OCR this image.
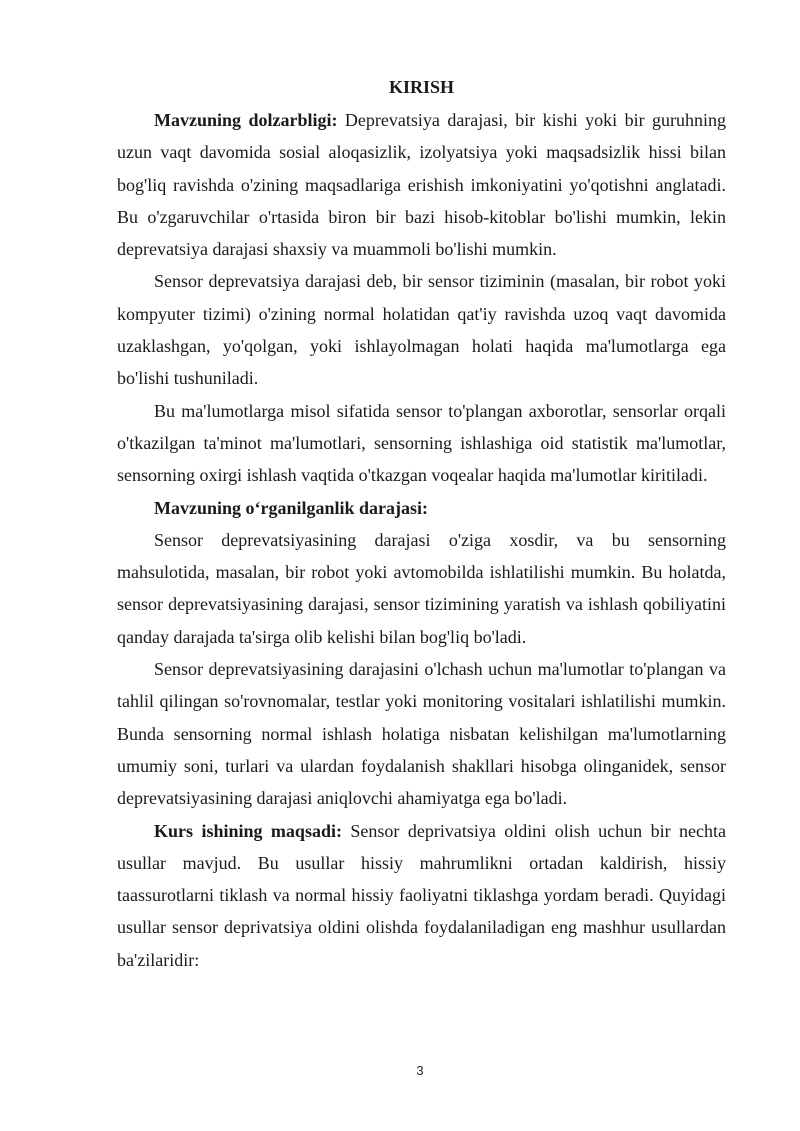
KIRISH

Mavzuning dolzarbligi: Deprevatsiya darajasi, bir kishi yoki bir guruhning uzun vaqt davomida sosial aloqasizlik, izolyatsiya yoki maqsadsizlik hissi bilan bog'liq ravishda o'zining maqsadlariga erishish imkoniyatini yo'qotishni anglatadi. Bu o'zgaruvchilar o'rtasida biron bir bazi hisob-kitoblar bo'lishi mumkin, lekin deprevatsiya darajasi shaxsiy va muammoli bo'lishi mumkin.

Sensor deprevatsiya darajasi deb, bir sensor tiziminin (masalan, bir robot yoki kompyuter tizimi) o'zining normal holatidan qat'iy ravishda uzoq vaqt davomida uzaklashgan, yo'qolgan, yoki ishlayolmagan holati haqida ma'lumotlarga ega bo'lishi tushuniladi.

Bu ma'lumotlarga misol sifatida sensor to'plangan axborotlar, sensorlar orqali o'tkazilgan ta'minot ma'lumotlari, sensorning ishlashiga oid statistik ma'lumotlar, sensorning oxirgi ishlash vaqtida o'tkazgan voqealar haqida ma'lumotlar kiritiladi.

Mavzuning o‘rganilganlik darajasi:

Sensor deprevatsiyasining darajasi o'ziga xosdir, va bu sensorning mahsulotida, masalan, bir robot yoki avtomobilda ishlatilishi mumkin. Bu holatda, sensor deprevatsiyasining darajasi, sensor tizimining yaratish va ishlash qobiliyatini qanday darajada ta'sirga olib kelishi bilan bog'liq bo'ladi.

Sensor deprevatsiyasining darajasini o'lchash uchun ma'lumotlar to'plangan va tahlil qilingan so'rovnomalar, testlar yoki monitoring vositalari ishlatilishi mumkin. Bunda sensorning normal ishlash holatiga nisbatan kelishilgan ma'lumotlarning umumiy soni, turlari va ulardan foydalanish shakllari hisobga olinganidek, sensor deprevatsiyasining darajasi aniqlovchi ahamiyatga ega bo'ladi.

Kurs ishining maqsadi: Sensor deprivatsiya oldini olish uchun bir nechta usullar mavjud. Bu usullar hissiy mahrumlikni ortadan kaldirish, hissiy taassurotlarni tiklash va normal hissiy faoliyatni tiklashga yordam beradi. Quyidagi usullar sensor deprivatsiya oldini olishda foydalaniladigan eng mashhur usullardan ba'zilaridir:

3
